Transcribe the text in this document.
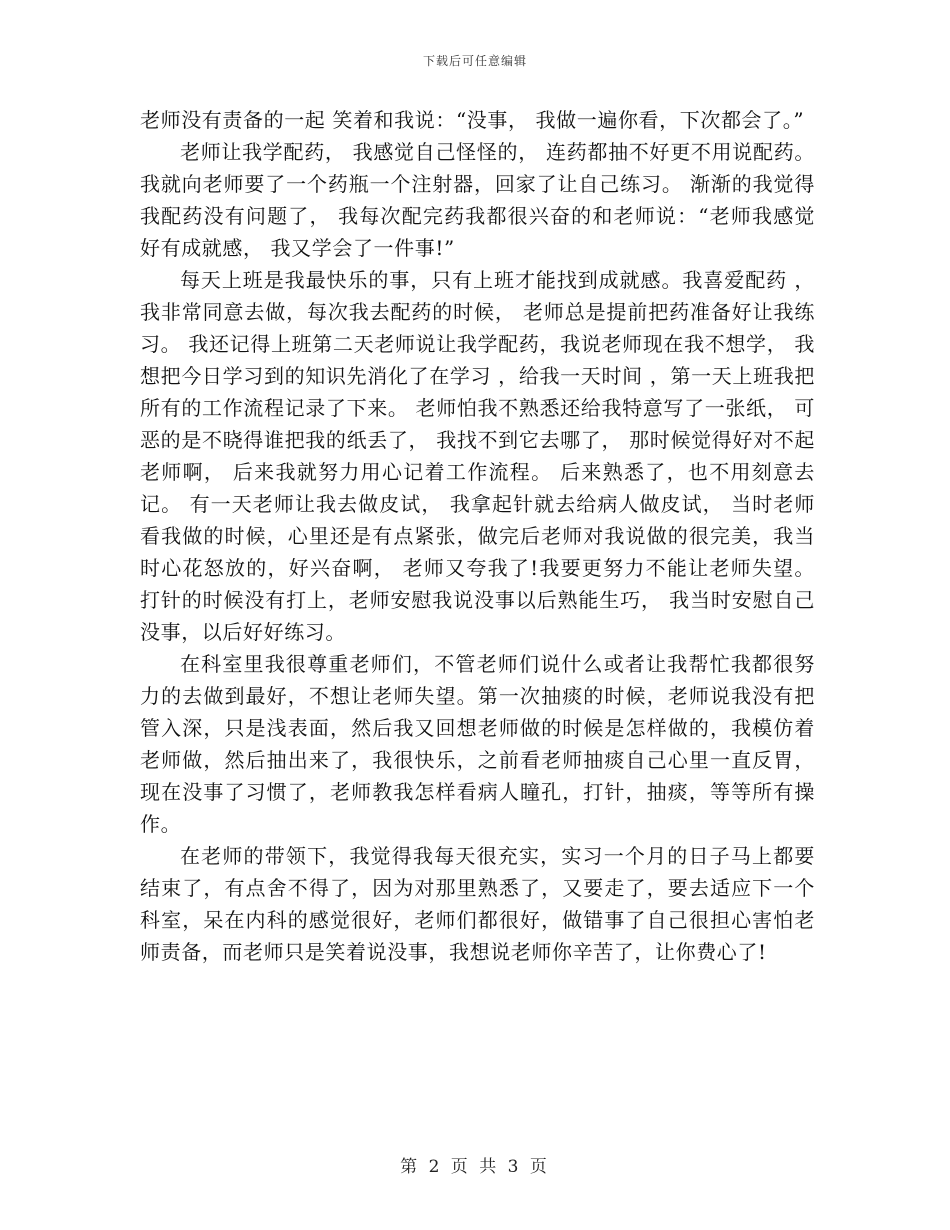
下载后可任意编辑

老师没有责备的一起 笑着和我说：“没事， 我做一遍你看，下次都会了。”

老师让我学配药， 我感觉自己怪怪的， 连药都抽不好更不用说配药。 我就向老师要了一个药瓶一个注射器，回家了让自己练习。 渐渐的我觉得我配药没有问题了， 我每次配完药我都很兴奋的和老师说：“老师我感觉好有成就感， 我又学会了一件事!”

每天上班是我最快乐的事，只有上班才能找到成就感。我喜爱配药 ，我非常同意去做，每次我去配药的时候， 老师总是提前把药准备好让我练习。 我还记得上班第二天老师说让我学配药，我说老师现在我不想学， 我想把今日学习到的知识先消化了在学习 ，给我一天时间 ，第一天上班我把所有的工作流程记录了下来。 老师怕我不熟悉还给我特意写了一张纸， 可恶的是不晓得谁把我的纸丢了， 我找不到它去哪了， 那时候觉得好对不起老师啊， 后来我就努力用心记着工作流程。 后来熟悉了，也不用刻意去记。 有一天老师让我去做皮试， 我拿起针就去给病人做皮试， 当时老师看我做的时候，心里还是有点紧张，做完后老师对我说做的很完美，我当时心花怒放的，好兴奋啊， 老师又夸我了!我要更努力不能让老师失望。 打针的时候没有打上，老师安慰我说没事以后熟能生巧， 我当时安慰自己没事，以后好好练习。

在科室里我很尊重老师们，不管老师们说什么或者让我帮忙我都很努力的去做到最好，不想让老师失望。第一次抽痰的时候，老师说我没有把管入深，只是浅表面，然后我又回想老师做的时候是怎样做的，我模仿着老师做，然后抽出来了，我很快乐，之前看老师抽痰自己心里一直反胃，现在没事了习惯了，老师教我怎样看病人瞳孔，打针，抽痰，等等所有操作。

在老师的带领下，我觉得我每天很充实，实习一个月的日子马上都要结束了，有点舍不得了，因为对那里熟悉了，又要走了，要去适应下一个科室，呆在内科的感觉很好，老师们都很好，做错事了自己很担心害怕老师责备，而老师只是笑着说没事，我想说老师你辛苦了，让你费心了!

第 2 页 共 3 页
